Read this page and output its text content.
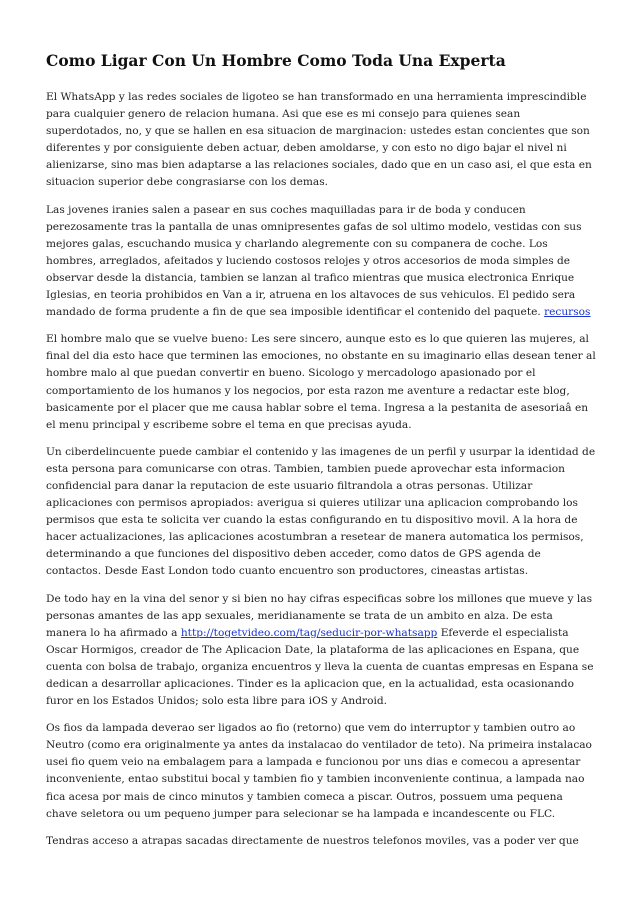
Como Ligar Con Un Hombre Como Toda Una Experta

El WhatsApp y las redes sociales de ligoteo se han transformado en una herramienta imprescindible para cualquier genero de relacion humana. Asi que ese es mi consejo para quienes sean superdotados, no, y que se hallen en esa situacion de marginacion: ustedes estan concientes que son diferentes y por consiguiente deben actuar, deben amoldarse, y con esto no digo bajar el nivel ni alienizarse, sino mas bien adaptarse a las relaciones sociales, dado que en un caso asi, el que esta en situacion superior debe congrasiarse con los demas.

Las jovenes iranies salen a pasear en sus coches maquilladas para ir de boda y conducen perezosamente tras la pantalla de unas omnipresentes gafas de sol ultimo modelo, vestidas con sus mejores galas, escuchando musica y charlando alegremente con su companera de coche. Los hombres, arreglados, afeitados y luciendo costosos relojes y otros accesorios de moda simples de observar desde la distancia, tambien se lanzan al trafico mientras que musica electronica Enrique Iglesias, en teoria prohibidos en Van a ir, atruena en los altavoces de sus vehiculos. El pedido sera mandado de forma prudente a fin de que sea imposible identificar el contenido del paquete. recursos

El hombre malo que se vuelve bueno: Les sere sincero, aunque esto es lo que quieren las mujeres, al final del dia esto hace que terminen las emociones, no obstante en su imaginario ellas desean tener al hombre malo al que puedan convertir en bueno. Sicologo y mercadologo apasionado por el comportamiento de los humanos y los negocios, por esta razon me aventure a redactar este blog, basicamente por el placer que me causa hablar sobre el tema. Ingresa a la pestanita de asesoriaâ en el menu principal y escribeme sobre el tema en que precisas ayuda.

Un ciberdelincuente puede cambiar el contenido y las imagenes de un perfil y usurpar la identidad de esta persona para comunicarse con otras. Tambien, tambien puede aprovechar esta informacion confidencial para danar la reputacion de este usuario filtrandola a otras personas. Utilizar aplicaciones con permisos apropiados: averigua si quieres utilizar una aplicacion comprobando los permisos que esta te solicita ver cuando la estas configurando en tu dispositivo movil. A la hora de hacer actualizaciones, las aplicaciones acostumbran a resetear de manera automatica los permisos, determinando a que funciones del dispositivo deben acceder, como datos de GPS agenda de contactos. Desde East London todo cuanto encuentro son productores, cineastas artistas.

De todo hay en la vina del senor y si bien no hay cifras especificas sobre los millones que mueve y las personas amantes de las app sexuales, meridianamente se trata de un ambito en alza. De esta manera lo ha afirmado a http://togetvideo.com/tag/seducir-por-whatsapp Efeverde el especialista Oscar Hormigos, creador de The Aplicacion Date, la plataforma de las aplicaciones en Espana, que cuenta con bolsa de trabajo, organiza encuentros y lleva la cuenta de cuantas empresas en Espana se dedican a desarrollar aplicaciones. Tinder es la aplicacion que, en la actualidad, esta ocasionando furor en los Estados Unidos; solo esta libre para iOS y Android.

Os fios da lampada deverao ser ligados ao fio (retorno) que vem do interruptor y tambien outro ao Neutro (como era originalmente ya antes da instalacao do ventilador de teto). Na primeira instalacao usei fio quem veio na embalagem para a lampada e funcionou por uns dias e comecou a apresentar inconveniente, entao substitui bocal y tambien fio y tambien inconveniente continua, a lampada nao fica acesa por mais de cinco minutos y tambien comeca a piscar. Outros, possuem uma pequena chave seletora ou um pequeno jumper para selecionar se ha lampada e incandescente ou FLC.

Tendras acceso a atrapas sacadas directamente de nuestros telefonos moviles, vas a poder ver que
